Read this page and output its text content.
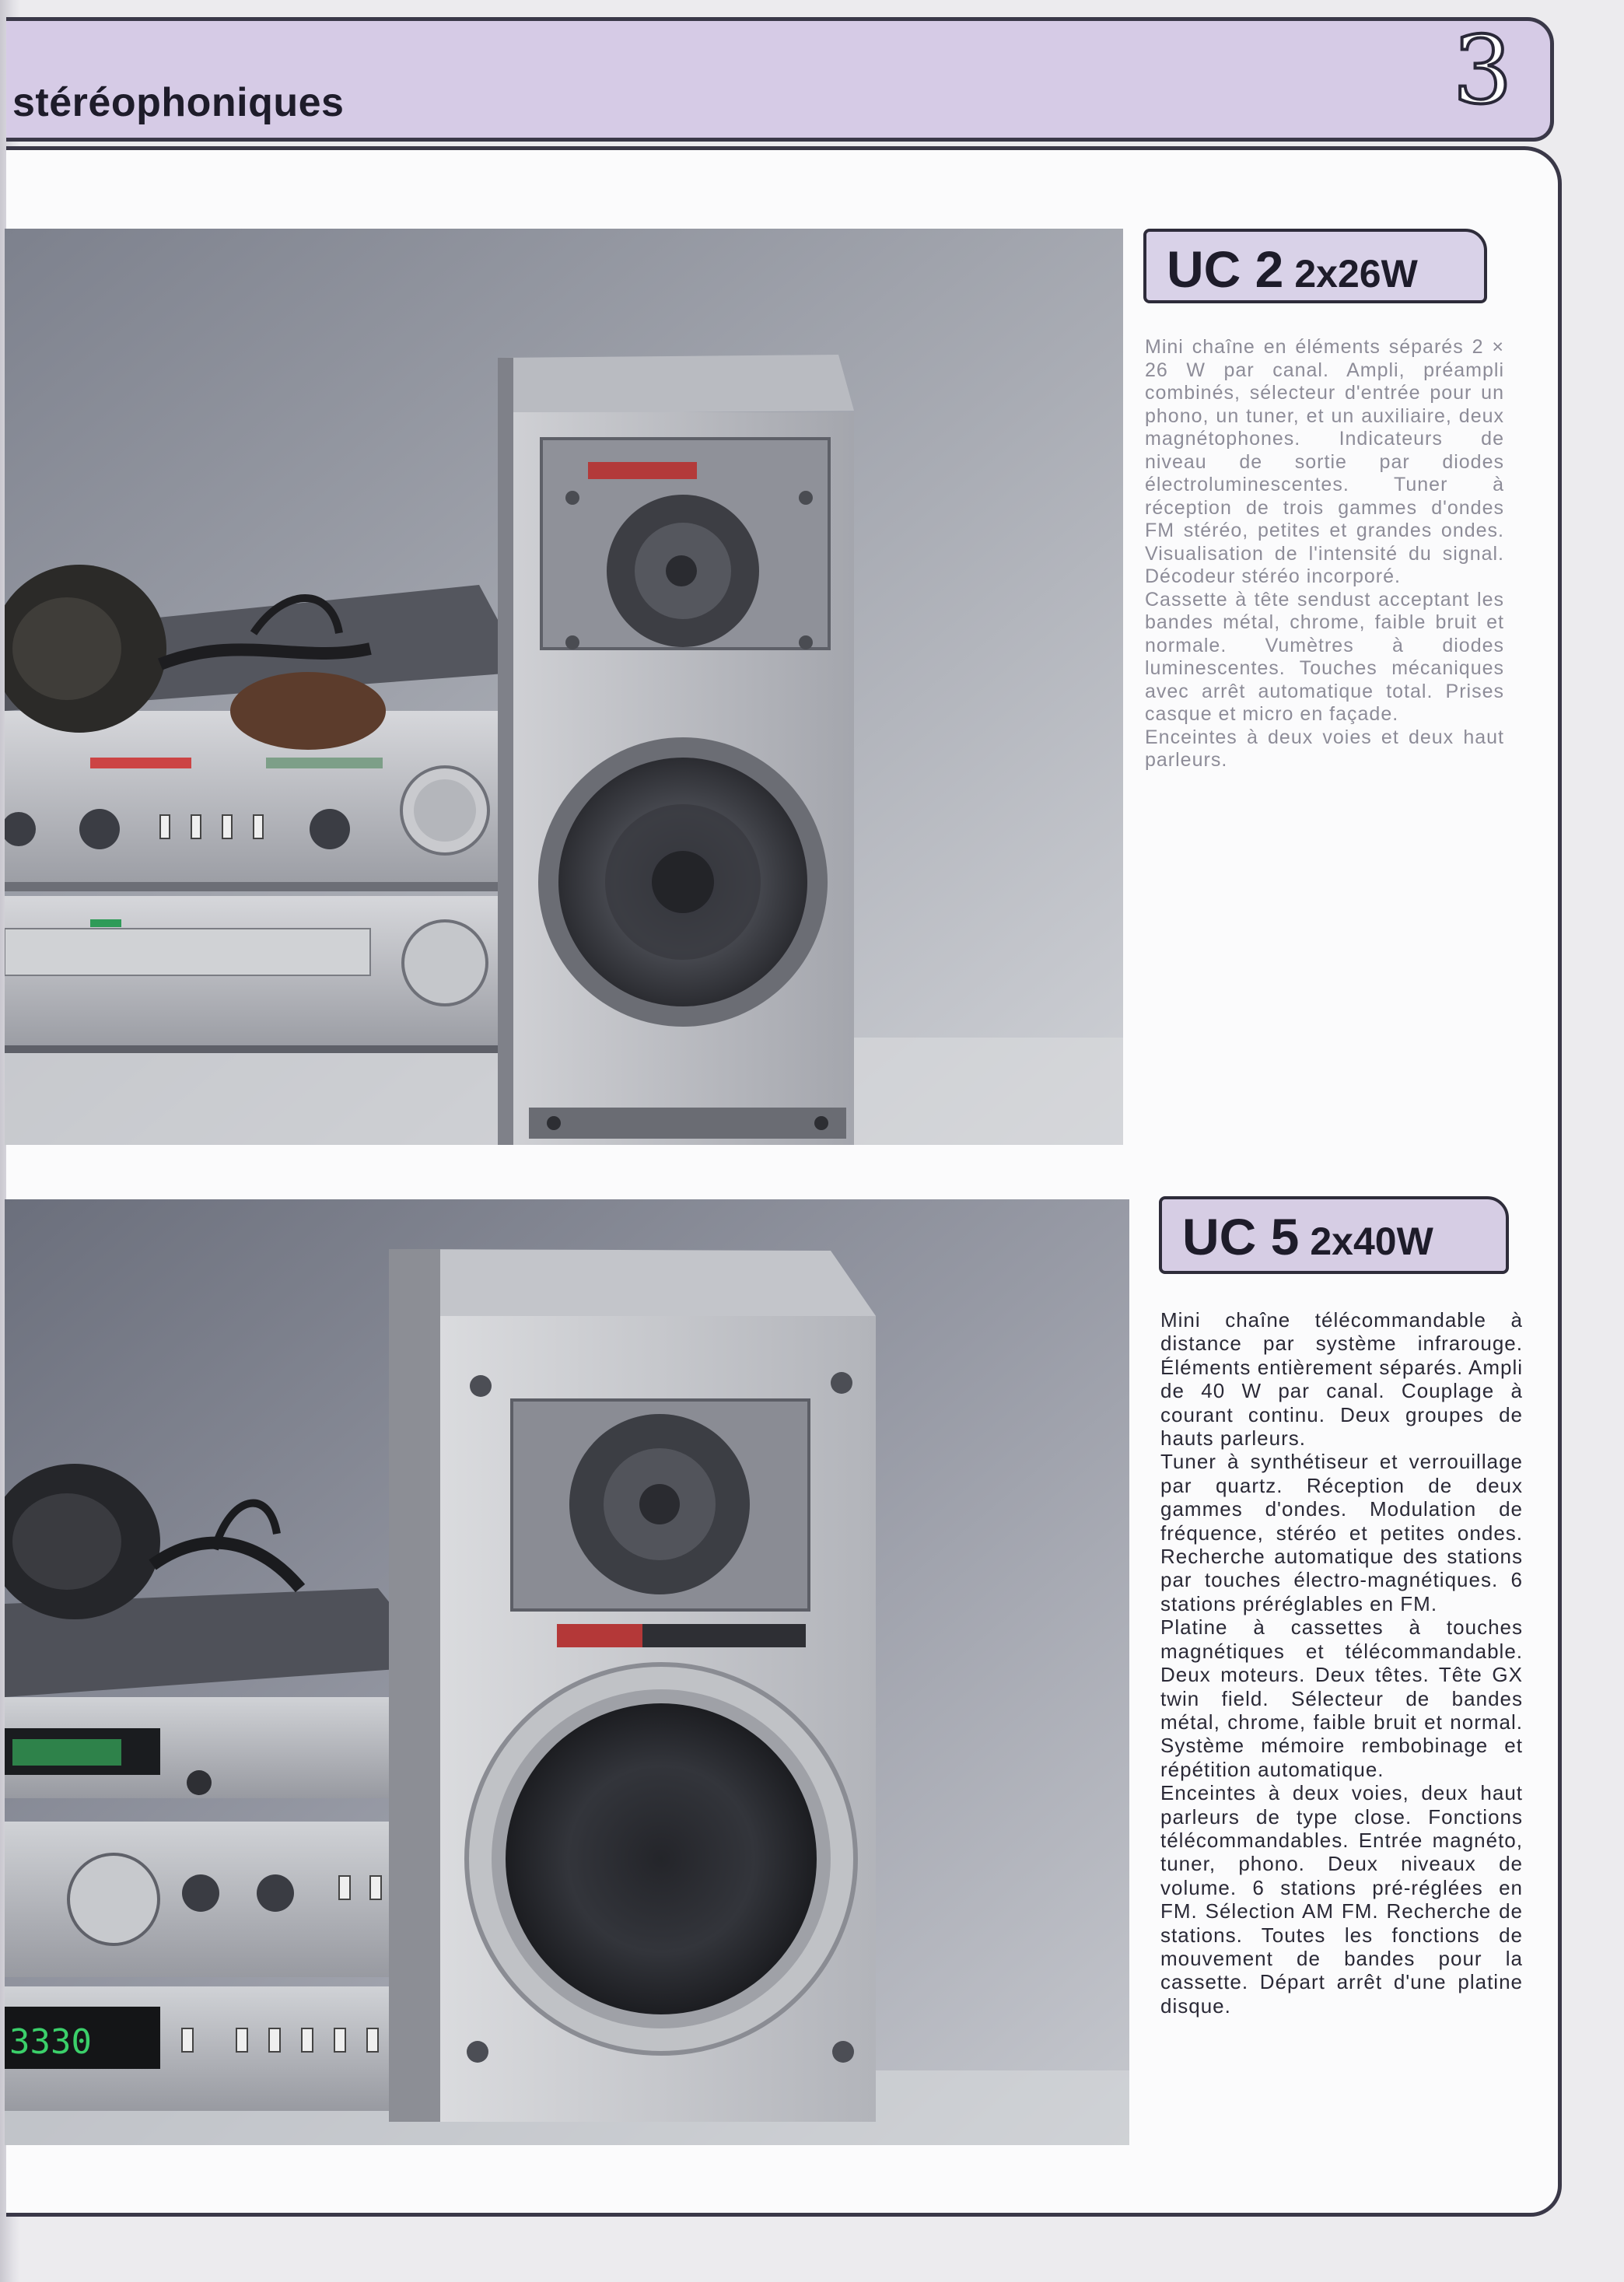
stéréophoniques	3
UC 2 2x26W

Mini chaîne en éléments séparés 2 × 26 W par canal. Ampli, préampli combinés, sélecteur d'entrée pour un phono, un tuner, et un auxiliaire, deux magnétophones. Indicateurs de niveau de sortie par diodes électroluminescentes. Tuner à réception de trois gammes d'ondes FM stéréo, petites et grandes ondes. Visualisation de l'intensité du signal. Décodeur stéréo incorporé.

Cassette à tête sendust acceptant les bandes métal, chrome, faible bruit et normale. Vumètres à diodes luminescentes. Touches mécaniques avec arrêt automatique total. Prises casque et micro en façade.

Enceintes à deux voies et deux haut parleurs.

3330
UC 5 2x40W

Mini chaîne télécommandable à distance par système infrarouge. Éléments entièrement séparés. Ampli de 40 W par canal. Couplage à courant continu. Deux groupes de hauts parleurs.

Tuner à synthétiseur et verrouillage par quartz. Réception de deux gammes d'ondes. Modulation de fréquence, stéréo et petites ondes. Recherche automatique des stations par touches électro-magnétiques. 6 stations préréglables en FM.

Platine à cassettes à touches magnétiques et télécommandable. Deux moteurs. Deux têtes. Tête GX twin field. Sélecteur de bandes métal, chrome, faible bruit et normal. Système mémoire rembobinage et répétition automatique.

Enceintes à deux voies, deux haut parleurs de type close. Fonctions télécommandables. Entrée magnéto, tuner, phono. Deux niveaux de volume. 6 stations pré-réglées en FM. Sélection AM FM. Recherche de stations. Toutes les fonctions de mouvement de bandes pour la cassette. Départ arrêt d'une platine disque.
